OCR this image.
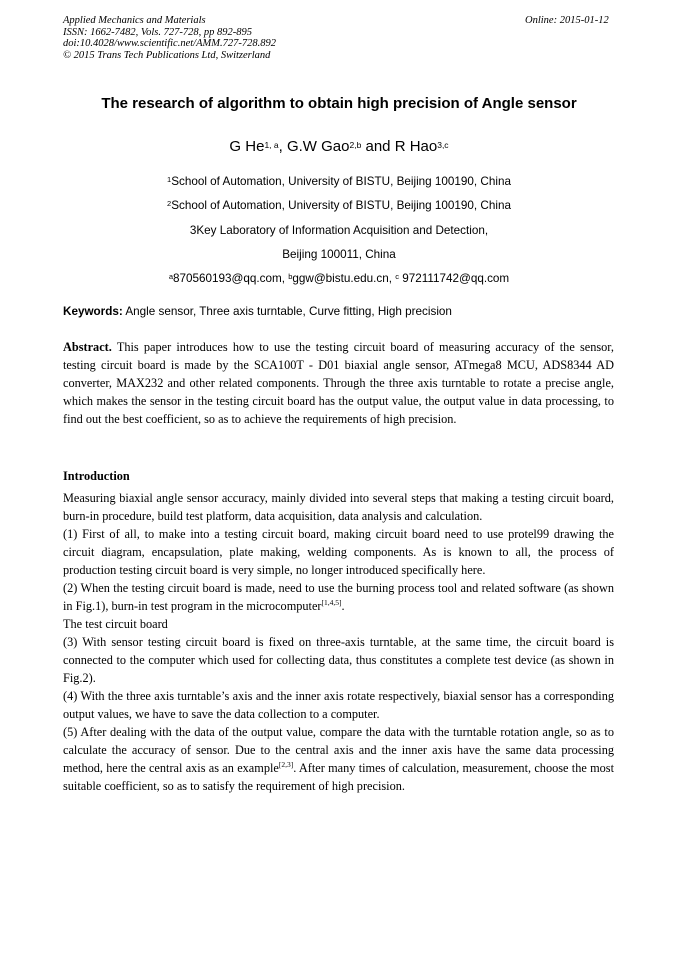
Applied Mechanics and Materials
ISSN: 1662-7482, Vols. 727-728, pp 892-895
doi:10.4028/www.scientific.net/AMM.727-728.892
© 2015 Trans Tech Publications Ltd, Switzerland
Online: 2015-01-12
The research of algorithm to obtain high precision of Angle sensor
G He$^{1, a}$, G.W Gao$^{2,b}$ and R Hao$^{3,c}$
$^1$School of Automation, University of BISTU, Beijing 100190, China
$^2$School of Automation, University of BISTU, Beijing 100190, China
3Key Laboratory of Information Acquisition and Detection,
Beijing 100011, China
$^a$870560193@qq.com, $^b$ggw@bistu.edu.cn, $^c$ 972111742@qq.com
Keywords: Angle sensor, Three axis turntable, Curve fitting, High precision
Abstract. This paper introduces how to use the testing circuit board of measuring accuracy of the sensor, testing circuit board is made by the SCA100T - D01 biaxial angle sensor, ATmega8 MCU, ADS8344 AD converter, MAX232 and other related components. Through the three axis turntable to rotate a precise angle, which makes the sensor in the testing circuit board has the output value, the output value in data processing, to find out the best coefficient, so as to achieve the requirements of high precision.
Introduction
Measuring biaxial angle sensor accuracy, mainly divided into several steps that making a testing circuit board, burn-in procedure, build test platform, data acquisition, data analysis and calculation.
(1) First of all, to make into a testing circuit board, making circuit board need to use protel99 drawing the circuit diagram, encapsulation, plate making, welding components. As is known to all, the process of production testing circuit board is very simple, no longer introduced specifically here.
(2) When the testing circuit board is made, need to use the burning process tool and related software (as shown in Fig.1), burn-in test program in the microcomputer[1,4,5].
The test circuit board
(3) With sensor testing circuit board is fixed on three-axis turntable, at the same time, the circuit board is connected to the computer which used for collecting data, thus constitutes a complete test device (as shown in Fig.2).
(4) With the three axis turntable’s axis and the inner axis rotate respectively, biaxial sensor has a corresponding output values, we have to save the data collection to a computer.
(5) After dealing with the data of the output value, compare the data with the turntable rotation angle, so as to calculate the accuracy of sensor. Due to the central axis and the inner axis have the same data processing method, here the central axis as an example[2,3]. After many times of calculation, measurement, choose the most suitable coefficient, so as to satisfy the requirement of high precision.
